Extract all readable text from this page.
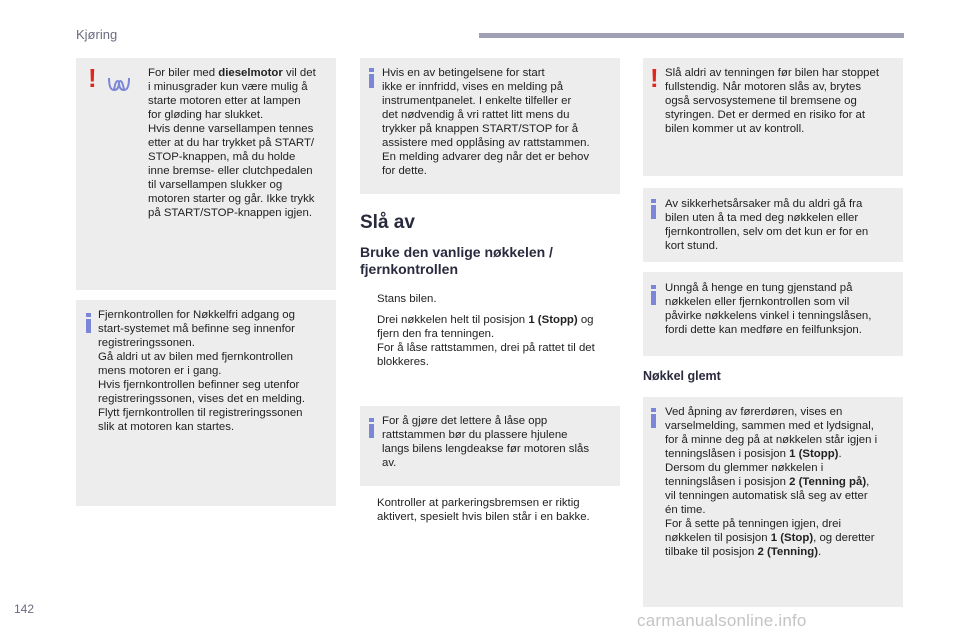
Kjøring
!	For biler med dieselmotor vil det
i minusgrader kun være mulig å
starte motoren etter at lampen
for gløding har slukket.
Hvis denne varsellampen tennes
etter at du har trykket på START/
STOP-knappen, må du holde
inne bremse- eller clutchpedalen
til varsellampen slukker og
motoren starter og går. Ikke trykk
på START/STOP-knappen igjen.
Fjernkontrollen for Nøkkelfri adgang og
start-systemet må befinne seg innenfor
registreringssonen.
Gå aldri ut av bilen med fjernkontrollen
mens motoren er i gang.
Hvis fjernkontrollen befinner seg utenfor
registreringssonen, vises det en melding.
Flytt fjernkontrollen til registreringssonen
slik at motoren kan startes.
Hvis en av betingelsene for start
ikke er innfridd, vises en melding på
instrumentpanelet. I enkelte tilfeller er
det nødvendig å vri rattet litt mens du
trykker på knappen START/STOP for å
assistere med opplåsing av rattstammen.
En melding advarer deg når det er behov
for dette.
Slå av
Bruke den vanlige nøkkelen /
fjernkontrollen
Stans bilen.
Drei nøkkelen helt til posisjon 1 (Stopp) og
fjern den fra tenningen.
For å låse rattstammen, drei på rattet til det
blokkeres.
For å gjøre det lettere å låse opp
rattstammen bør du plassere hjulene
langs bilens lengdeakse før motoren slås
av.
Kontroller at parkeringsbremsen er riktig
aktivert, spesielt hvis bilen står i en bakke.
! Slå aldri av tenningen før bilen har stoppet
fullstendig. Når motoren slås av, brytes
også servosystemene til bremsene og
styringen. Det er dermed en risiko for at
bilen kommer ut av kontroll.
Av sikkerhetsårsaker må du aldri gå fra
bilen uten å ta med deg nøkkelen eller
fjernkontrollen, selv om det kun er for en
kort stund.
Unngå å henge en tung gjenstand på
nøkkelen eller fjernkontrollen som vil
påvirke nøkkelens vinkel i tenningslåsen,
fordi dette kan medføre en feilfunksjon.
Nøkkel glemt
Ved åpning av førerdøren, vises en
varselmelding, sammen med et lydsignal,
for å minne deg på at nøkkelen står igjen i
tenningslåsen i posisjon 1 (Stopp).
Dersom du glemmer nøkkelen i
tenningslåsen i posisjon 2 (Tenning på),
vil tenningen automatisk slå seg av etter
én time.
For å sette på tenningen igjen, drei
nøkkelen til posisjon 1 (Stop), og deretter
tilbake til posisjon 2 (Tenning).
142
carmanualsonline.info
